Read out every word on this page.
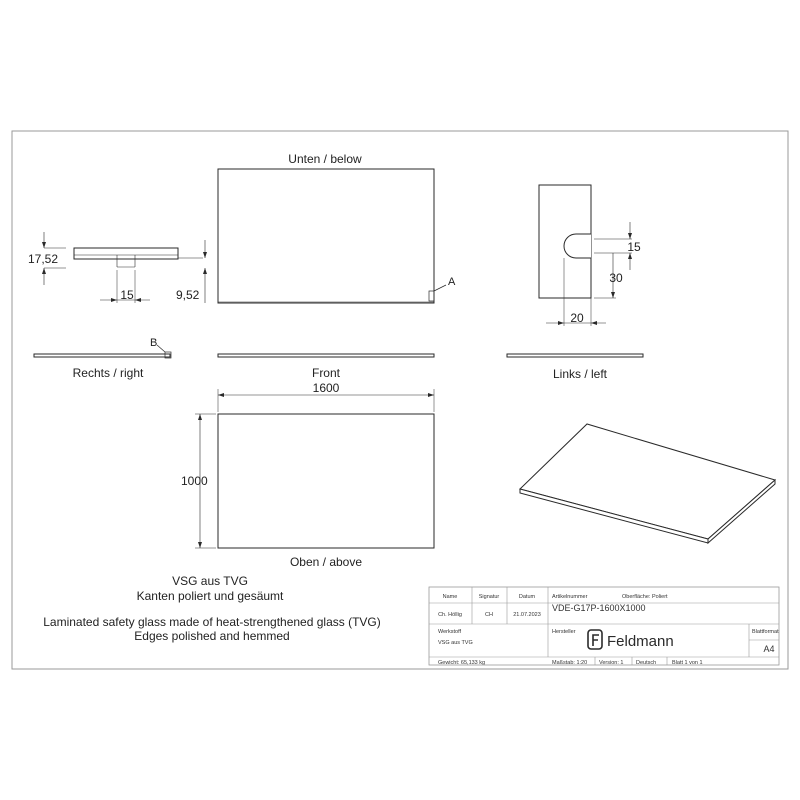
Unten / below
A
17,52
15	9,52
15
30
20
B
Rechts / right	Front	Links / left
1600
1000
Oben / above
VSG aus TVG
Kanten poliert und gesäumt
Laminated safety glass made of heat-strengthened glass (TVG)
Edges polished and hemmed
Name	Signatur	Datum	Artikelnummer	Oberfläche: Poliert
Ch. Höllig	CH	21.07.2023
VDE-G17P-1600X1000
Werkstoff
VSG aus TVG
Hersteller
Feldmann
Blattformat
A4
Gewicht: 65,133 kg	Maßstab: 1:20 Version: 1 Deutsch	Blatt 1 von 1
